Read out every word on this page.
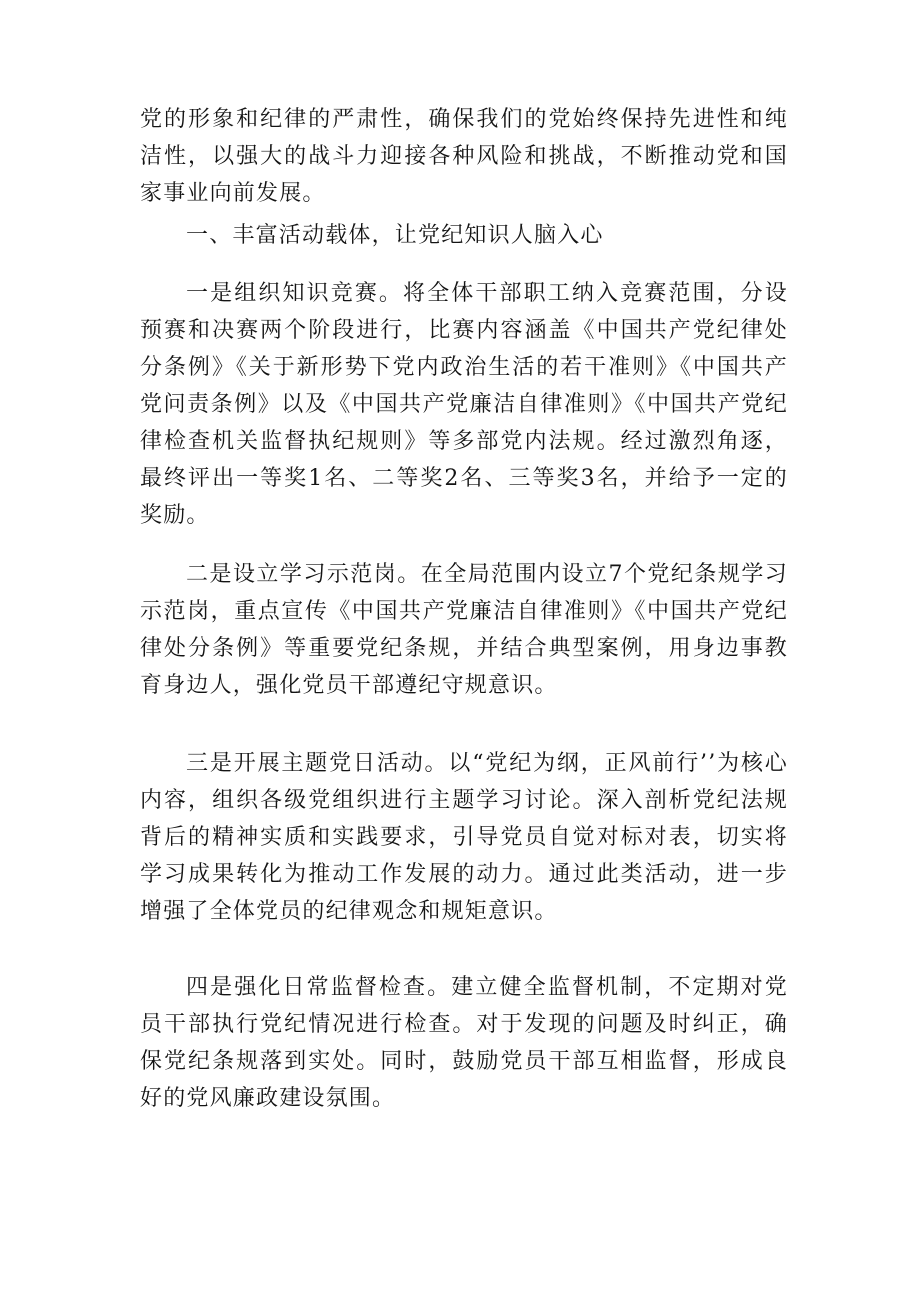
党的形象和纪律的严肃性，确保我们的党始终保持先进性和纯洁性，以强大的战斗力迎接各种风险和挑战，不断推动党和国家事业向前发展。

一、丰富活动载体，让党纪知识人脑入心

一是组织知识竞赛。将全体干部职工纳入竞赛范围，分设预赛和决赛两个阶段进行，比赛内容涵盖《中国共产党纪律处分条例》《关于新形势下党内政治生活的若干准则》《中国共产党问责条例》以及《中国共产党廉洁自律准则》《中国共产党纪律检查机关监督执纪规则》等多部党内法规。经过激烈角逐，最终评出一等奖1名、二等奖2名、三等奖3名，并给予一定的奖励。

二是设立学习示范岗。在全局范围内设立7个党纪条规学习示范岗，重点宣传《中国共产党廉洁自律准则》《中国共产党纪律处分条例》等重要党纪条规，并结合典型案例，用身边事教育身边人，强化党员干部遵纪守规意识。

三是开展主题党日活动。以“党纪为纲，正风前行’’为核心内容，组织各级党组织进行主题学习讨论。深入剖析党纪法规背后的精神实质和实践要求，引导党员自觉对标对表，切实将学习成果转化为推动工作发展的动力。通过此类活动，进一步增强了全体党员的纪律观念和规矩意识。

四是强化日常监督检查。建立健全监督机制，不定期对党员干部执行党纪情况进行检查。对于发现的问题及时纠正，确保党纪条规落到实处。同时，鼓励党员干部互相监督，形成良好的党风廉政建设氛围。
